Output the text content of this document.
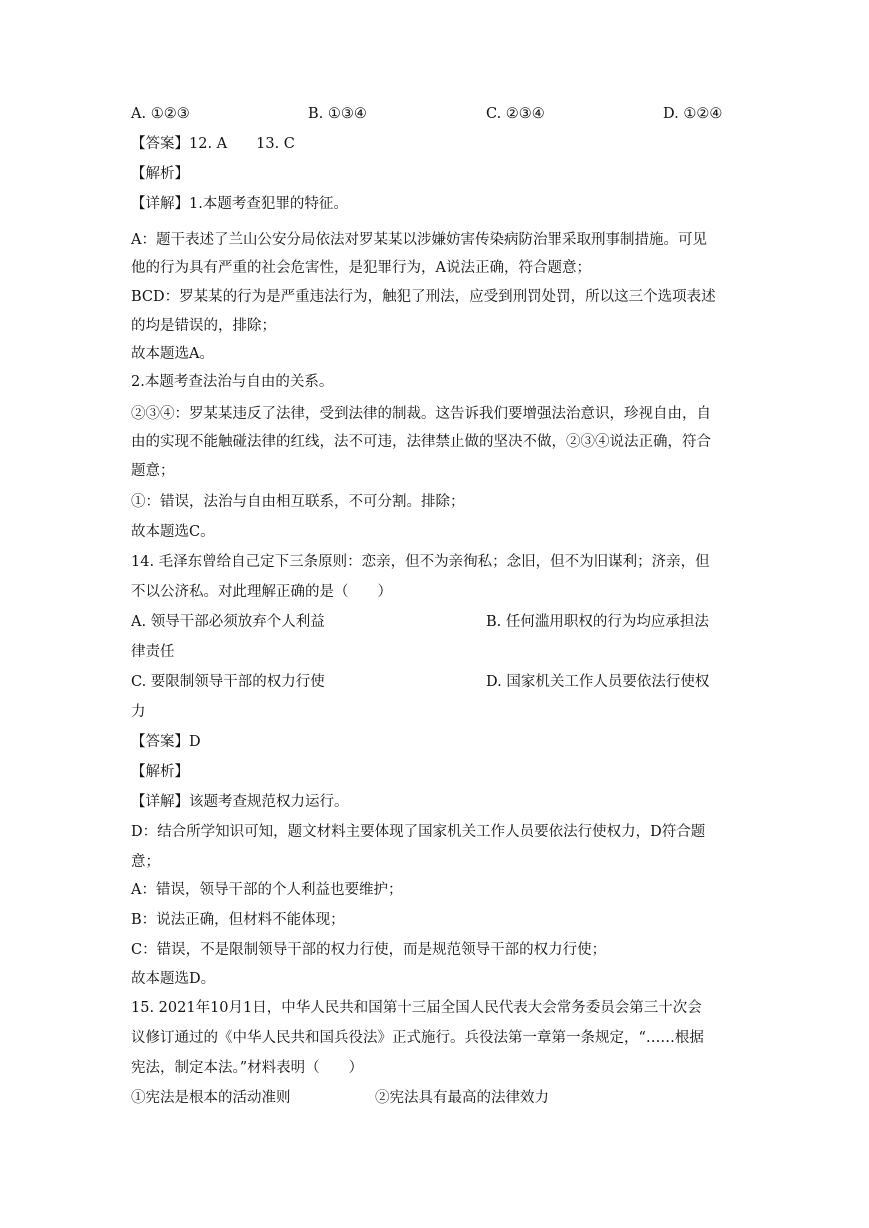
A. ①②③	B. ①③④	C. ②③④	D. ①②④
【答案】12. A　　13. C
【解析】
【详解】1.本题考查犯罪的特征。
A：题干表述了兰山公安分局依法对罗某某以涉嫌妨害传染病防治罪采取刑事制措施。可见
他的行为具有严重的社会危害性，是犯罪行为，A说法正确，符合题意；
BCD：罗某某的行为是严重违法行为，触犯了刑法，应受到刑罚处罚，所以这三个选项表述
的均是错误的，排除；
故本题选A。
2.本题考查法治与自由的关系。
②③④：罗某某违反了法律，受到法律的制裁。这告诉我们要增强法治意识，珍视自由，自
由的实现不能触碰法律的红线，法不可违，法律禁止做的坚决不做，②③④说法正确，符合
题意；
①：错误，法治与自由相互联系，不可分割。排除；
故本题选C。
14. 毛泽东曾给自己定下三条原则：恋亲，但不为亲徇私；念旧，但不为旧谋利；济亲，但
不以公济私。对此理解正确的是（　　）
A. 领导干部必须放弃个人利益	B. 任何滥用职权的行为均应承担法
律责任
C. 要限制领导干部的权力行使	D. 国家机关工作人员要依法行使权
力
【答案】D
【解析】
【详解】该题考查规范权力运行。
D：结合所学知识可知，题文材料主要体现了国家机关工作人员要依法行使权力，D符合题
意；
A：错误，领导干部的个人利益也要维护；
B：说法正确，但材料不能体现；
C：错误，不是限制领导干部的权力行使，而是规范领导干部的权力行使；
故本题选D。
15. 2021年10月1日，中华人民共和国第十三届全国人民代表大会常务委员会第三十次会
议修订通过的《中华人民共和国兵役法》正式施行。兵役法第一章第一条规定，“……根据
宪法，制定本法。”材料表明（　　）
①宪法是根本的活动准则	②宪法具有最高的法律效力
